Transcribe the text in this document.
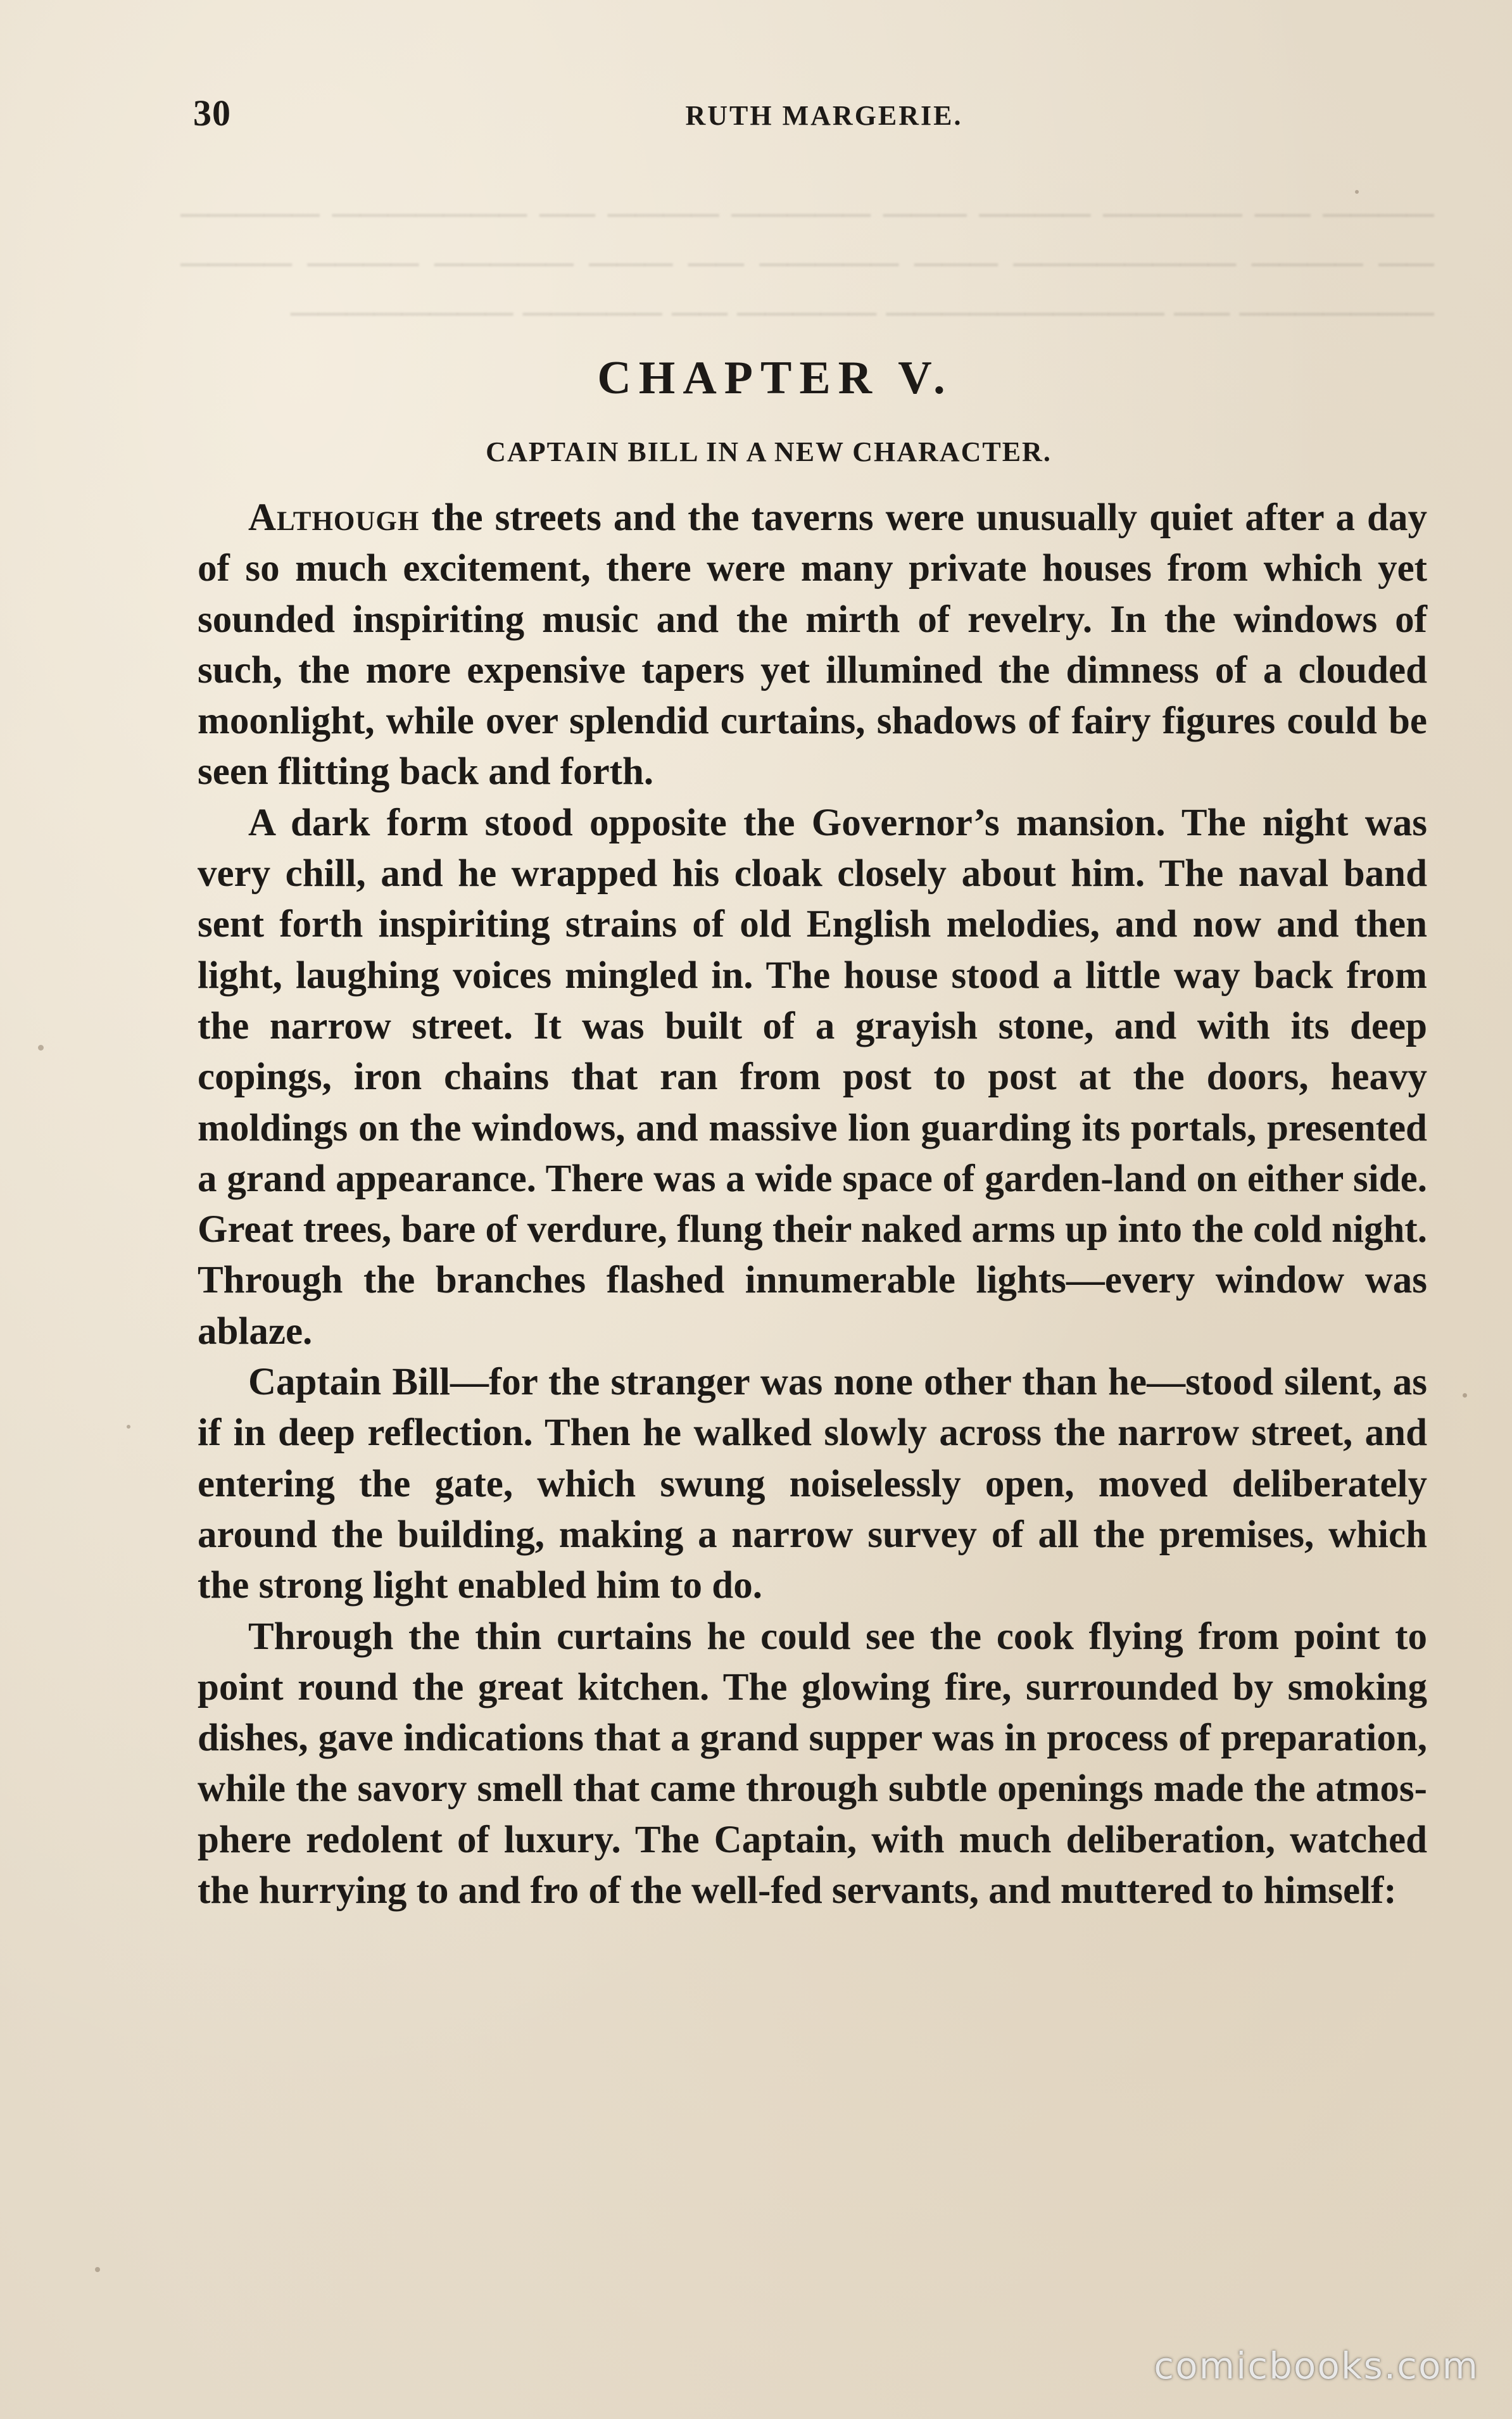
──── ── ───── ──── ─── ───── ──── ── ─────── ───── ── ──── ──────── ─── ───── ── ─── ───── ──── ──── ─────── ── ────────── ───── ── ───── ────────
30	RUTH MARGERIE.
CHAPTER V.
CAPTAIN BILL IN A NEW CHARACTER.

Although the streets and the taverns were unusually quiet after a day of so much excitement, there were many private houses from which yet sounded inspiriting music and the mirth of revelry. In the windows of such, the more expensive tapers yet illumined the dimness of a clouded moonlight, while over splendid curtains, shadows of fairy figures could be seen flitting back and forth.

A dark form stood opposite the Governor’s mansion. The night was very chill, and he wrapped his cloak closely about him. The naval band sent forth inspiriting strains of old English melodies, and now and then light, laughing voices mingled in. The house stood a little way back from the narrow street. It was built of a grayish stone, and with its deep copings, iron chains that ran from post to post at the doors, heavy moldings on the windows, and massive lion guarding its portals, presented a grand appearance. There was a wide space of garden-land on either side. Great trees, bare of verdure, flung their naked arms up into the cold night. Through the branches flashed innumerable lights—every window was ablaze.

Captain Bill—for the stranger was none other than he—stood silent, as if in deep reflection. Then he walked slowly across the narrow street, and entering the gate, which swung noiselessly open, moved deliberately around the building, making a narrow survey of all the premises, which the strong light enabled him to do.

Through the thin curtains he could see the cook flying from point to point round the great kitchen. The glowing fire, surrounded by smoking dishes, gave indications that a grand supper was in process of preparation, while the savory smell that came through subtle openings made the atmosphere redolent of luxury. The Captain, with much deliberation, watched the hurrying to and fro of the well-fed servants, and muttered to himself:

comicbooks.com
